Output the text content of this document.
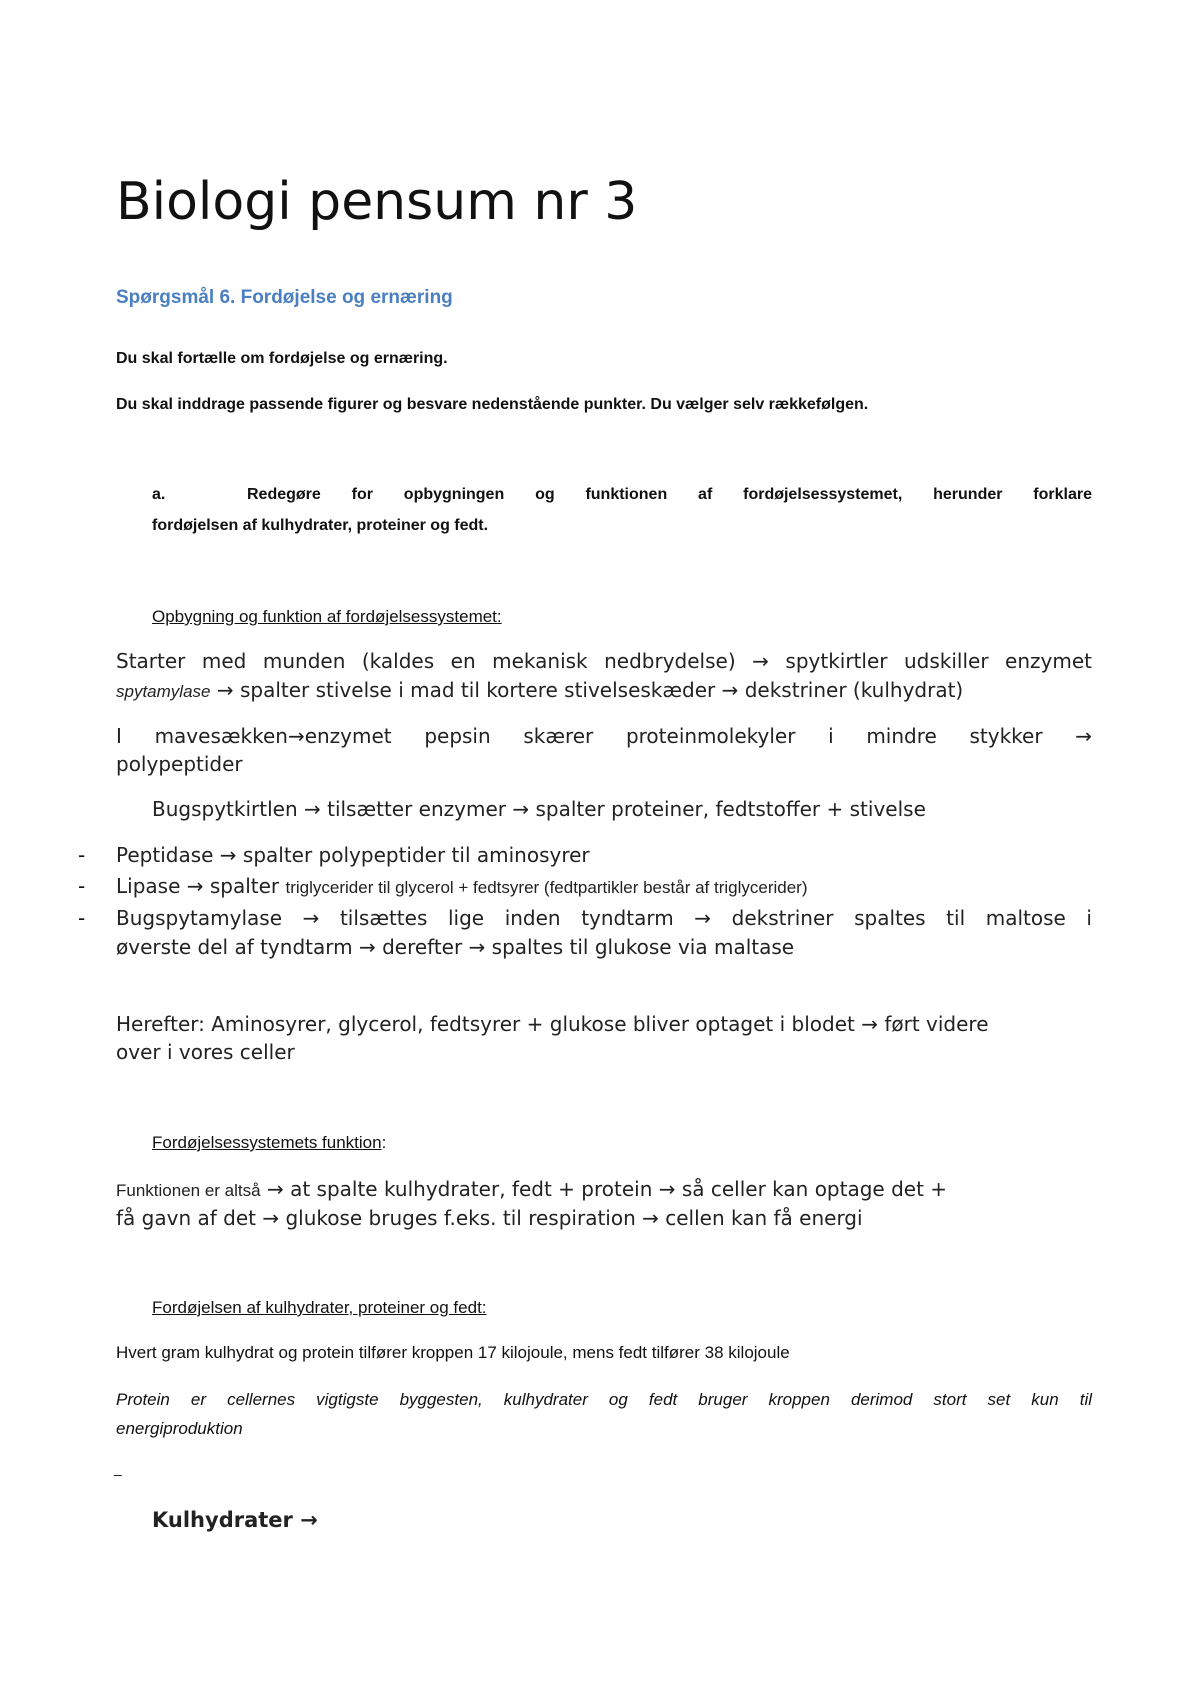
Biologi pensum nr 3
Spørgsmål 6. Fordøjelse og ernæring
Du skal fortælle om fordøjelse og ernæring.
Du skal inddrage passende figurer og besvare nedenstående punkter. Du vælger selv rækkefølgen.
a.	Redegøre for opbygningen og funktionen af fordøjelsessystemet, herunder forklare
fordøjelsen af kulhydrater, proteiner og fedt.
Opbygning og funktion af fordøjelsessystemet:
Starter med munden (kaldes en mekanisk nedbrydelse) → spytkirtler udskiller enzymet
spytamylase → spalter stivelse i mad til kortere stivelseskæder → dekstriner (kulhydrat)
I mavesækken→enzymet pepsin skærer proteinmolekyler i mindre stykker →
polypeptider
Bugspytkirtlen → tilsætter enzymer → spalter proteiner, fedtstoffer + stivelse
- Peptidase → spalter polypeptider til aminosyrer
- Lipase → spalter triglycerider til glycerol + fedtsyrer (fedtpartikler består af triglycerider)
- Bugspytamylase → tilsættes lige inden tyndtarm → dekstriner spaltes til maltose i
øverste del af tyndtarm → derefter → spaltes til glukose via maltase
Herefter: Aminosyrer, glycerol, fedtsyrer + glukose bliver optaget i blodet → ført videre
over i vores celler
Fordøjelsessystemets funktion:
Funktionen er altså → at spalte kulhydrater, fedt + protein → så celler kan optage det +
få gavn af det → glukose bruges f.eks. til respiration → cellen kan få energi
Fordøjelsen af kulhydrater, proteiner og fedt:
Hvert gram kulhydrat og protein tilfører kroppen 17 kilojoule, mens fedt tilfører 38 kilojoule
Protein er cellernes vigtigste byggesten, kulhydrater og fedt bruger kroppen derimod stort set kun til
energiproduktion
–
Kulhydrater →
